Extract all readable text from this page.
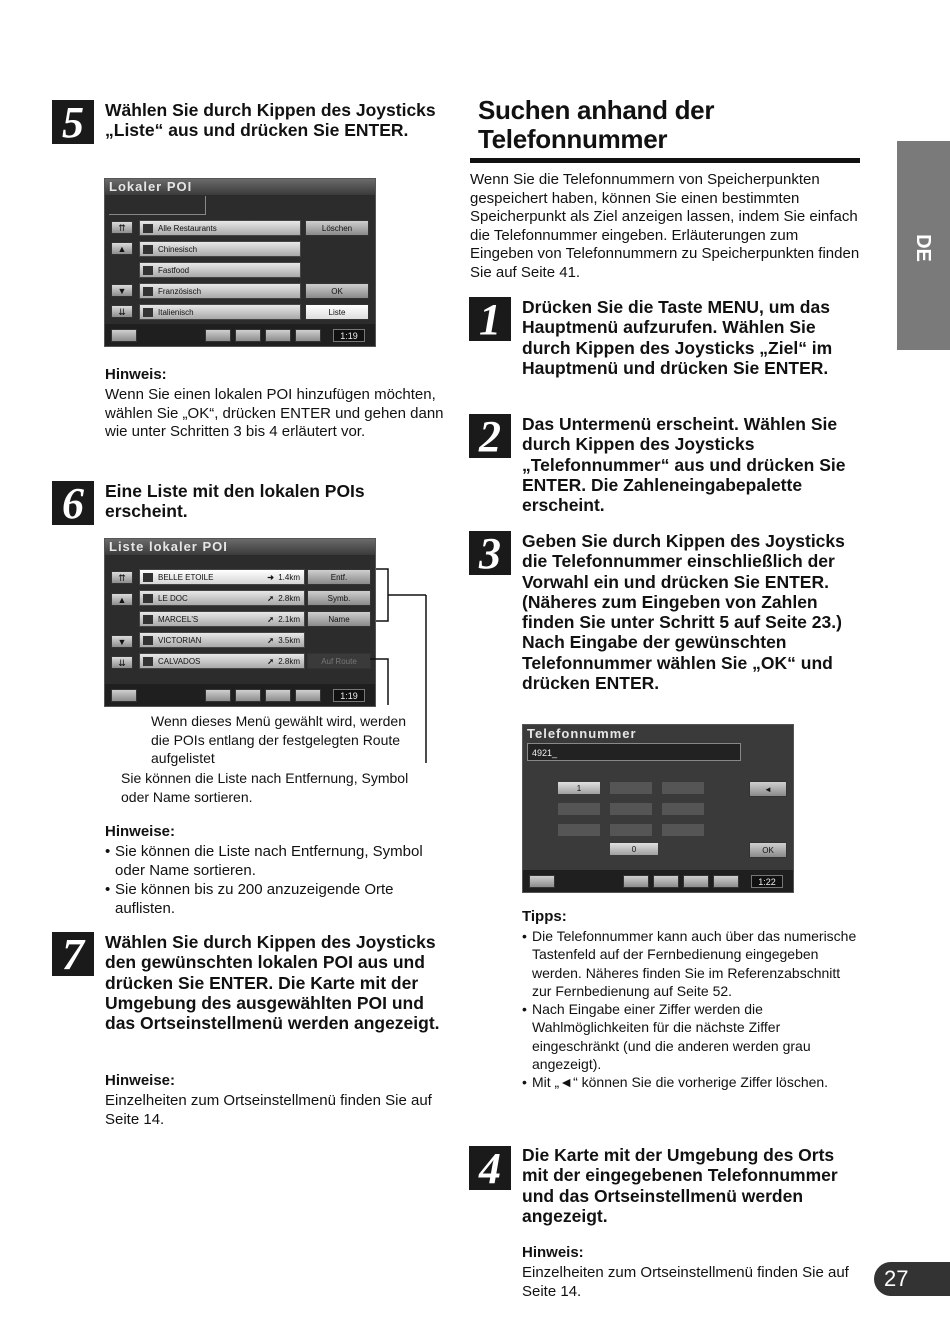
5	Wählen Sie durch Kippen des Joysticks „Liste“ aus und drücken Sie ENTER.

Lokaler POI
⇈
▲
▼
⇊
Alle Restaurants
Chinesisch
Fastfood
Französisch
Italienisch
Löschen
OK
Liste
1:19

Hinweis:

Wenn Sie einen lokalen POI hinzufügen möchten, wählen Sie „OK“, drücken ENTER und gehen dann wie unter Schritten 3 bis 4 erläutert vor.

6	Eine Liste mit den lokalen POIs erscheint.

Liste lokaler POI
⇈
▲
▼
⇊
BELLE ETOILE	➜ 1.4km
LE DOC	➚ 2.8km
MARCEL'S	➚ 2.1km
VICTORIAN	➚ 3.5km
CALVADOS	➚ 2.8km
Entf.
Symb.
Name
Auf Route
1:19

Wenn dieses Menü gewählt wird, werden die POIs entlang der festgelegten Route aufgelistet

Sie können die Liste nach Entfernung, Symbol oder Name sortieren.

Hinweise:

• Sie können die Liste nach Entfernung, Symbol oder Name sortieren.
• Sie können bis zu 200 anzuzeigende Orte auflisten.
7	Wählen Sie durch Kippen des Joysticks den gewünschten lokalen POI aus und drücken Sie ENTER. Die Karte mit der Umgebung des ausgewählten POI und das Ortseinstellmenü werden angezeigt.

Hinweise:

Einzelheiten zum Ortseinstellmenü finden Sie auf Seite 14.

Suchen anhand der Telefonnummer

Wenn Sie die Telefonnummern von Speicherpunkten gespeichert haben, können Sie einen bestimmten Speicherpunkt als Ziel anzeigen lassen, indem Sie einfach die Telefonnummer eingeben. Erläuterungen zum Eingeben von Telefonnummern zu Speicherpunkten finden Sie auf Seite 41.

1	Drücken Sie die Taste MENU, um das Hauptmenü aufzurufen. Wählen Sie durch Kippen des Joysticks „Ziel“ im Hauptmenü und drücken Sie ENTER.

2	Das Untermenü erscheint. Wählen Sie durch Kippen des Joysticks „Telefonnummer“ aus und drücken Sie ENTER. Die Zahleneingabepalette erscheint.

3	Geben Sie durch Kippen des Joysticks die Telefonnummer einschließlich der Vorwahl ein und drücken Sie ENTER. (Näheres zum Eingeben von Zahlen finden Sie unter Schritt 5 auf Seite 23.) Nach Eingabe der gewünschten Telefonnummer wählen Sie „OK“ und drücken ENTER.

Telefonnummer
4921_
1
0
◄
OK
1:22

Tipps:

• Die Telefonnummer kann auch über das numerische Tastenfeld auf der Fernbedienung eingegeben werden. Näheres finden Sie im Referenzabschnitt zur Fernbedienung auf Seite 52.
• Nach Eingabe einer Ziffer werden die Wahlmöglichkeiten für die nächste Ziffer eingeschränkt (und die anderen werden grau angezeigt).
• Mit „◄“ können Sie die vorherige Ziffer löschen.
4	Die Karte mit der Umgebung des Orts mit der eingegebenen Telefonnummer und das Ortseinstellmenü werden angezeigt.

Hinweis:

Einzelheiten zum Ortseinstellmenü finden Sie auf Seite 14.

DE
27
